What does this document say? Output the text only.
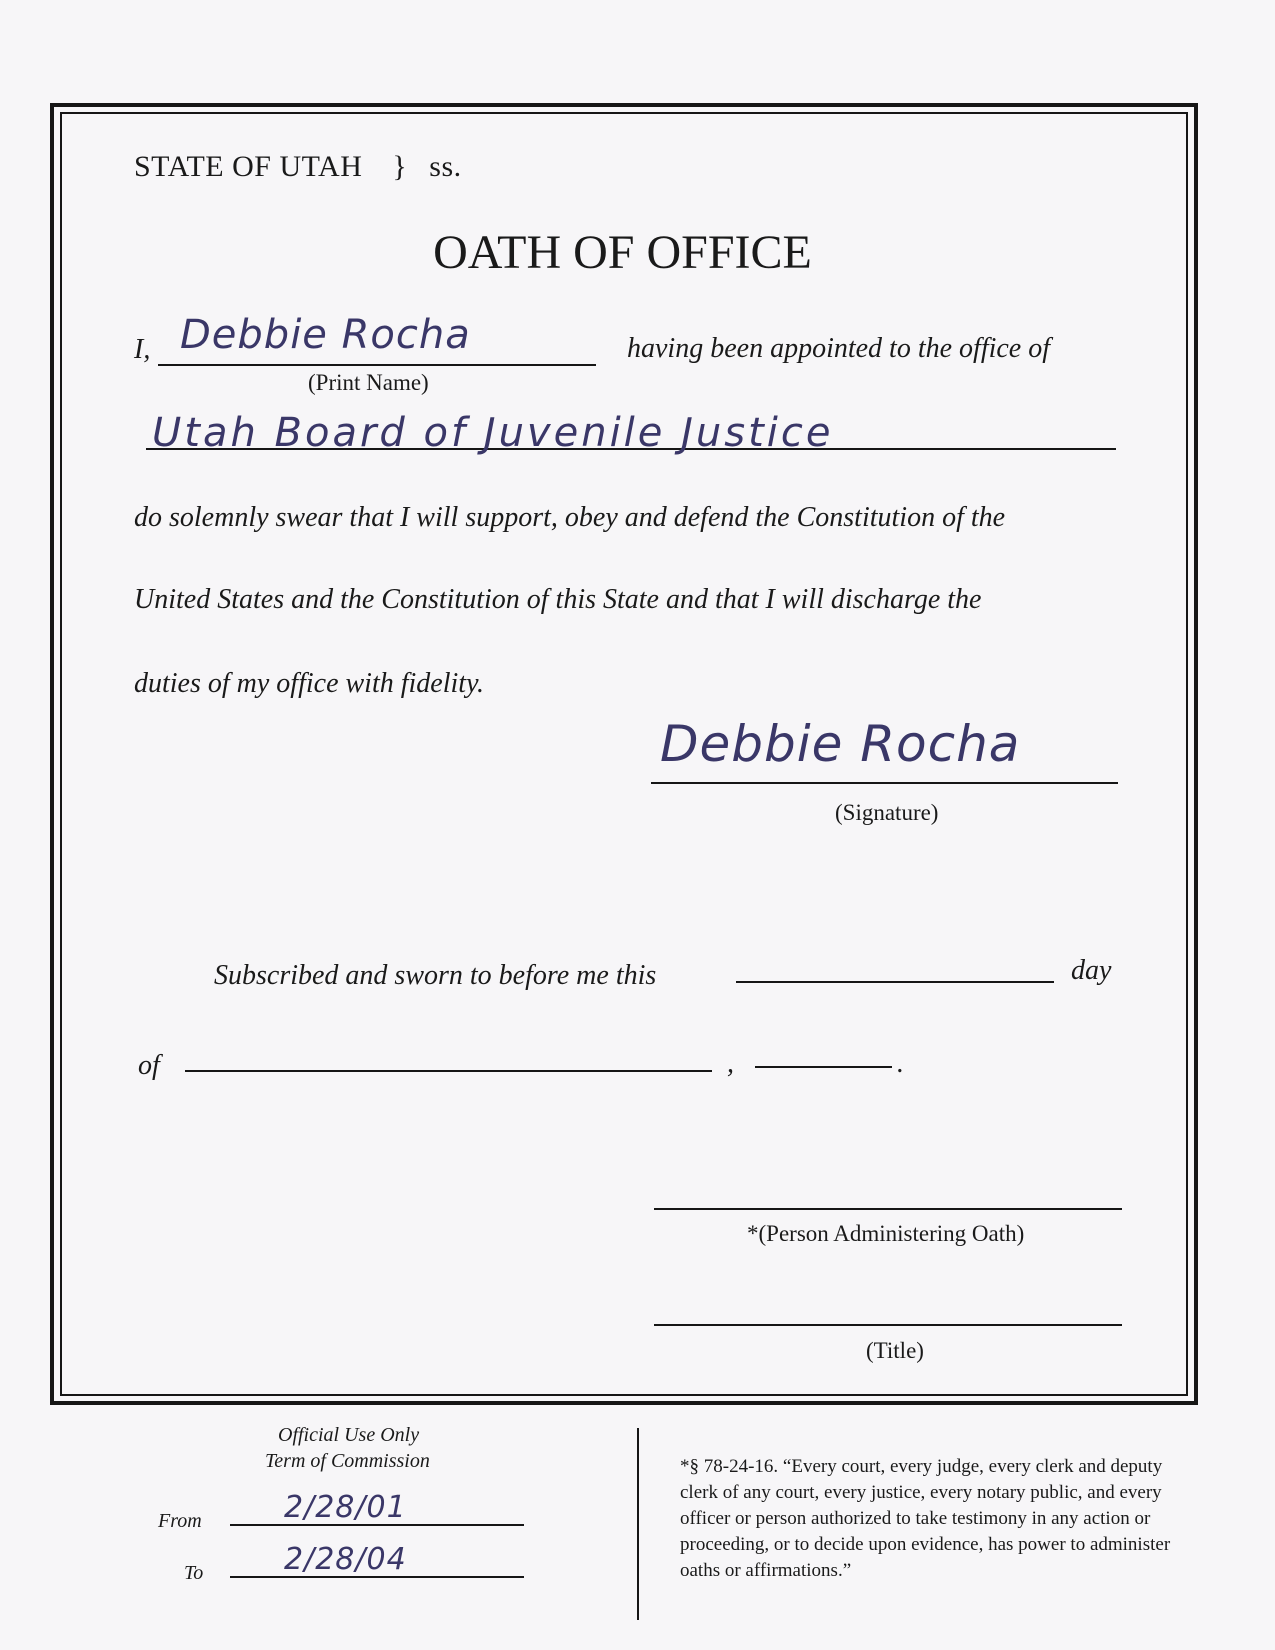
STATE OF UTAH } ss.
OATH OF OFFICE
I, Debbie Rocha
(Print Name)
having been appointed to the office of
Utah Board of Juvenile Justice
do solemnly swear that I will support, obey and defend the Constitution of the
United States and the Constitution of this State and that I will discharge the
duties of my office with fidelity.
Debbie Rocha
(Signature)
Subscribed and sworn to before me this	day
of	,	.
*(Person Administering Oath)
(Title)
Official Use Only
Term of Commission
From	2/28/01
To	2/28/04
*§ 78-24-16. “Every court, every judge, every clerk and deputy clerk of any court, every justice, every notary public, and every officer or person authorized to take testimony in any action or proceeding, or to decide upon evidence, has power to administer oaths or affirmations.”
